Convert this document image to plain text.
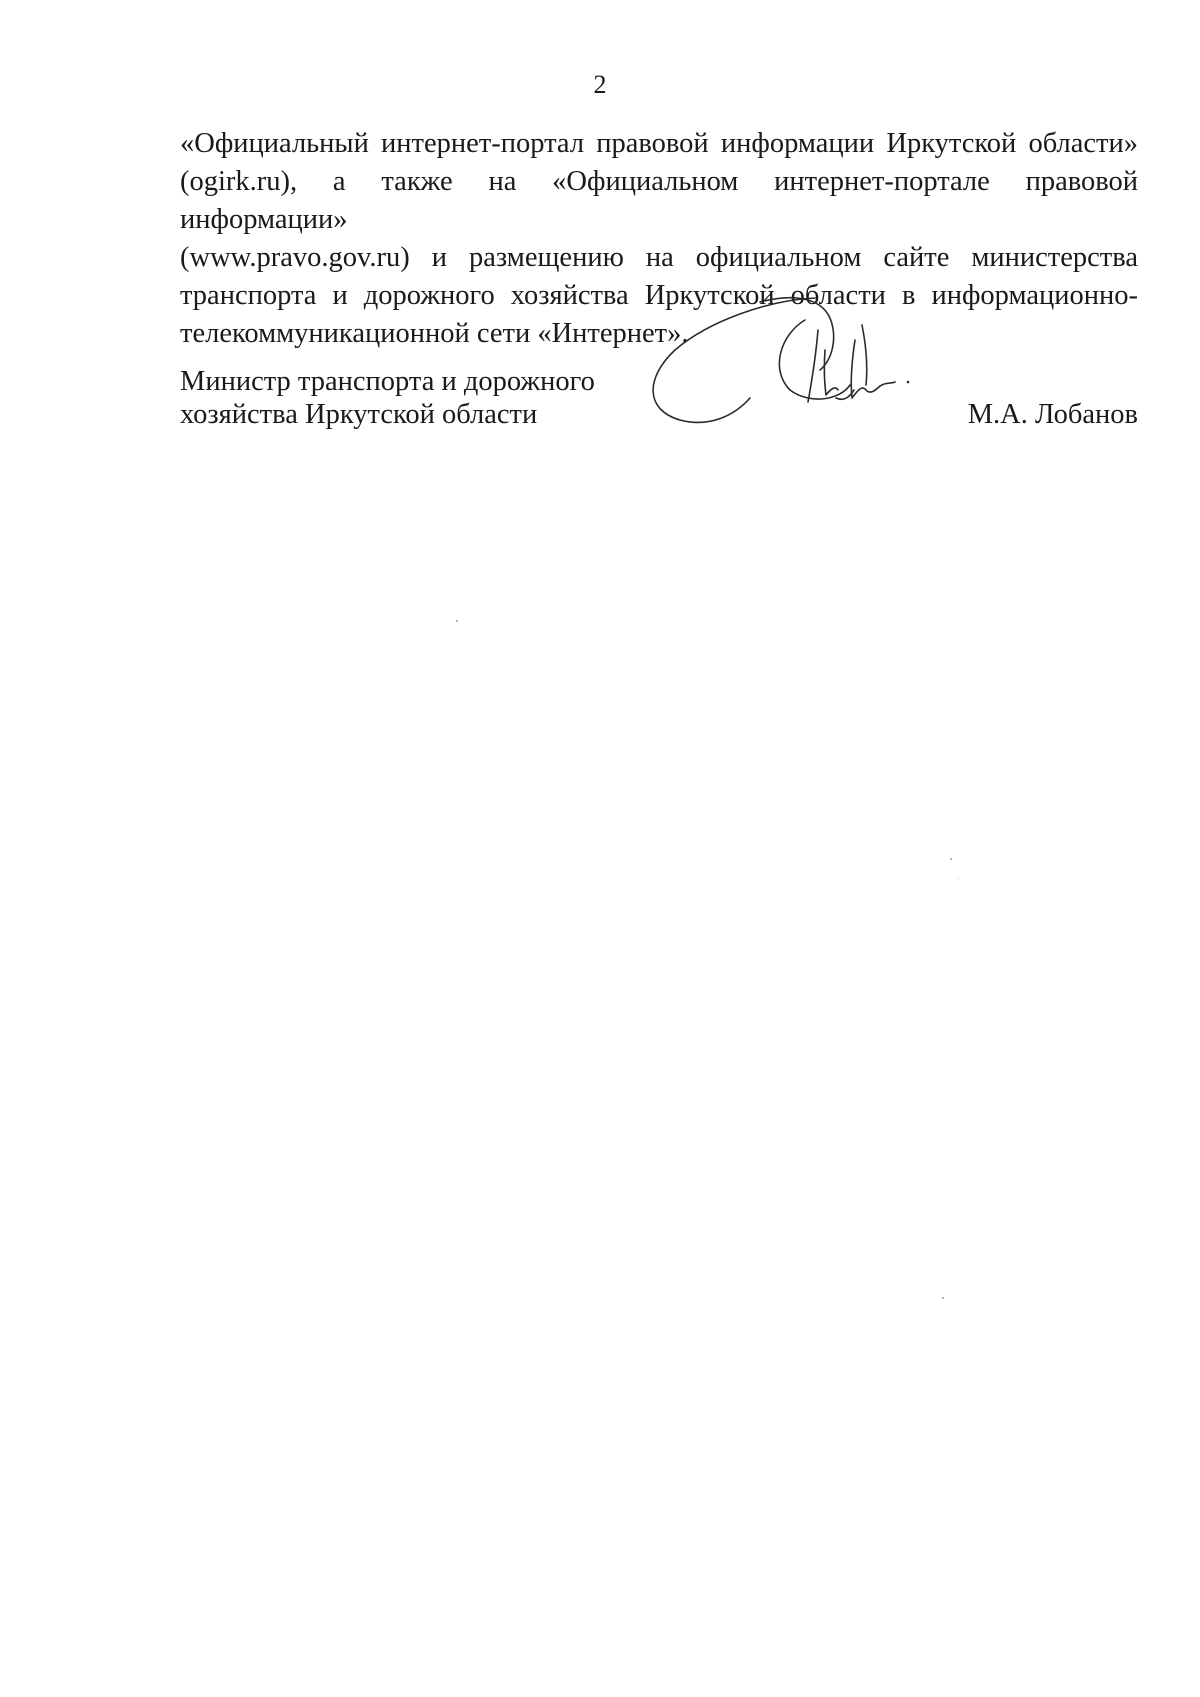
2
«Официальный интернет-портал правовой информации Иркутской области»
(ogirk.ru), а также на «Официальном интернет-портале правовой информации»
(www.pravo.gov.ru) и размещению на официальном сайте министерства
транспорта и дорожного хозяйства Иркутской области в информационно-
телекоммуникационной сети «Интернет».
Министр транспорта и дорожного
хозяйства Иркутской области	М.А. Лобанов
